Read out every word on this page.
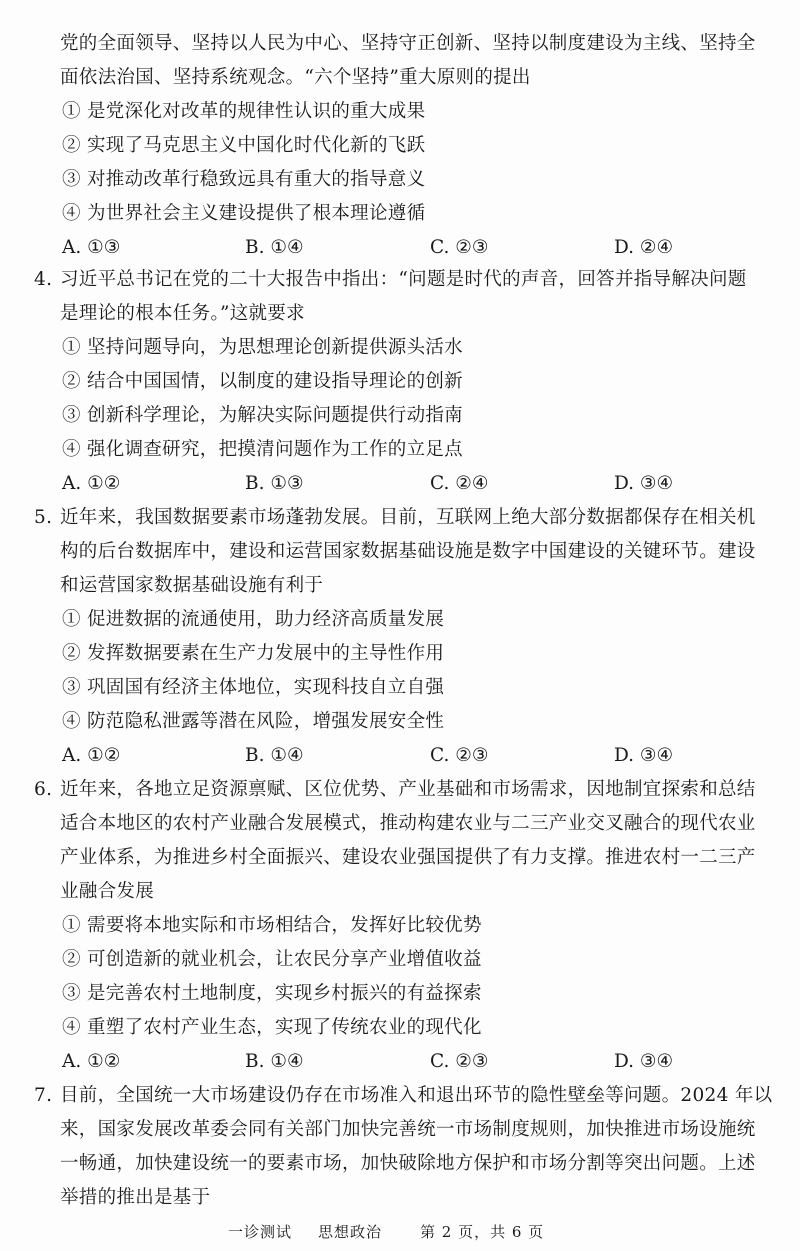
党的全面领导、坚持以人民为中心、坚持守正创新、坚持以制度建设为主线、坚持全
面依法治国、坚持系统观念。“六个坚持”重大原则的提出
① 是党深化对改革的规律性认识的重大成果
② 实现了马克思主义中国化时代化新的飞跃
③ 对推动改革行稳致远具有重大的指导意义
④ 为世界社会主义建设提供了根本理论遵循
A. ①③	B. ①④	C. ②③	D. ②④
4. 习近平总书记在党的二十大报告中指出：“问题是时代的声音，回答并指导解决问题
是理论的根本任务。”这就要求
① 坚持问题导向，为思想理论创新提供源头活水
② 结合中国国情，以制度的建设指导理论的创新
③ 创新科学理论，为解决实际问题提供行动指南
④ 强化调查研究，把摸清问题作为工作的立足点
A. ①②	B. ①③	C. ②④	D. ③④
5. 近年来，我国数据要素市场蓬勃发展。目前，互联网上绝大部分数据都保存在相关机
构的后台数据库中，建设和运营国家数据基础设施是数字中国建设的关键环节。建设
和运营国家数据基础设施有利于
① 促进数据的流通使用，助力经济高质量发展
② 发挥数据要素在生产力发展中的主导性作用
③ 巩固国有经济主体地位，实现科技自立自强
④ 防范隐私泄露等潜在风险，增强发展安全性
A. ①②	B. ①④	C. ②③	D. ③④
6. 近年来，各地立足资源禀赋、区位优势、产业基础和市场需求，因地制宜探索和总结
适合本地区的农村产业融合发展模式，推动构建农业与二三产业交叉融合的现代农业
产业体系，为推进乡村全面振兴、建设农业强国提供了有力支撑。推进农村一二三产
业融合发展
① 需要将本地实际和市场相结合，发挥好比较优势
② 可创造新的就业机会，让农民分享产业增值收益
③ 是完善农村土地制度，实现乡村振兴的有益探索
④ 重塑了农村产业生态，实现了传统农业的现代化
A. ①②	B. ①④	C. ②③	D. ③④
7. 目前，全国统一大市场建设仍存在市场准入和退出环节的隐性壁垒等问题。2024 年以
来，国家发展改革委会同有关部门加快完善统一市场制度规则，加快推进市场设施统
一畅通，加快建设统一的要素市场，加快破除地方保护和市场分割等突出问题。上述
举措的推出是基于
一诊测试 思想政治	第 2 页，共 6 页
